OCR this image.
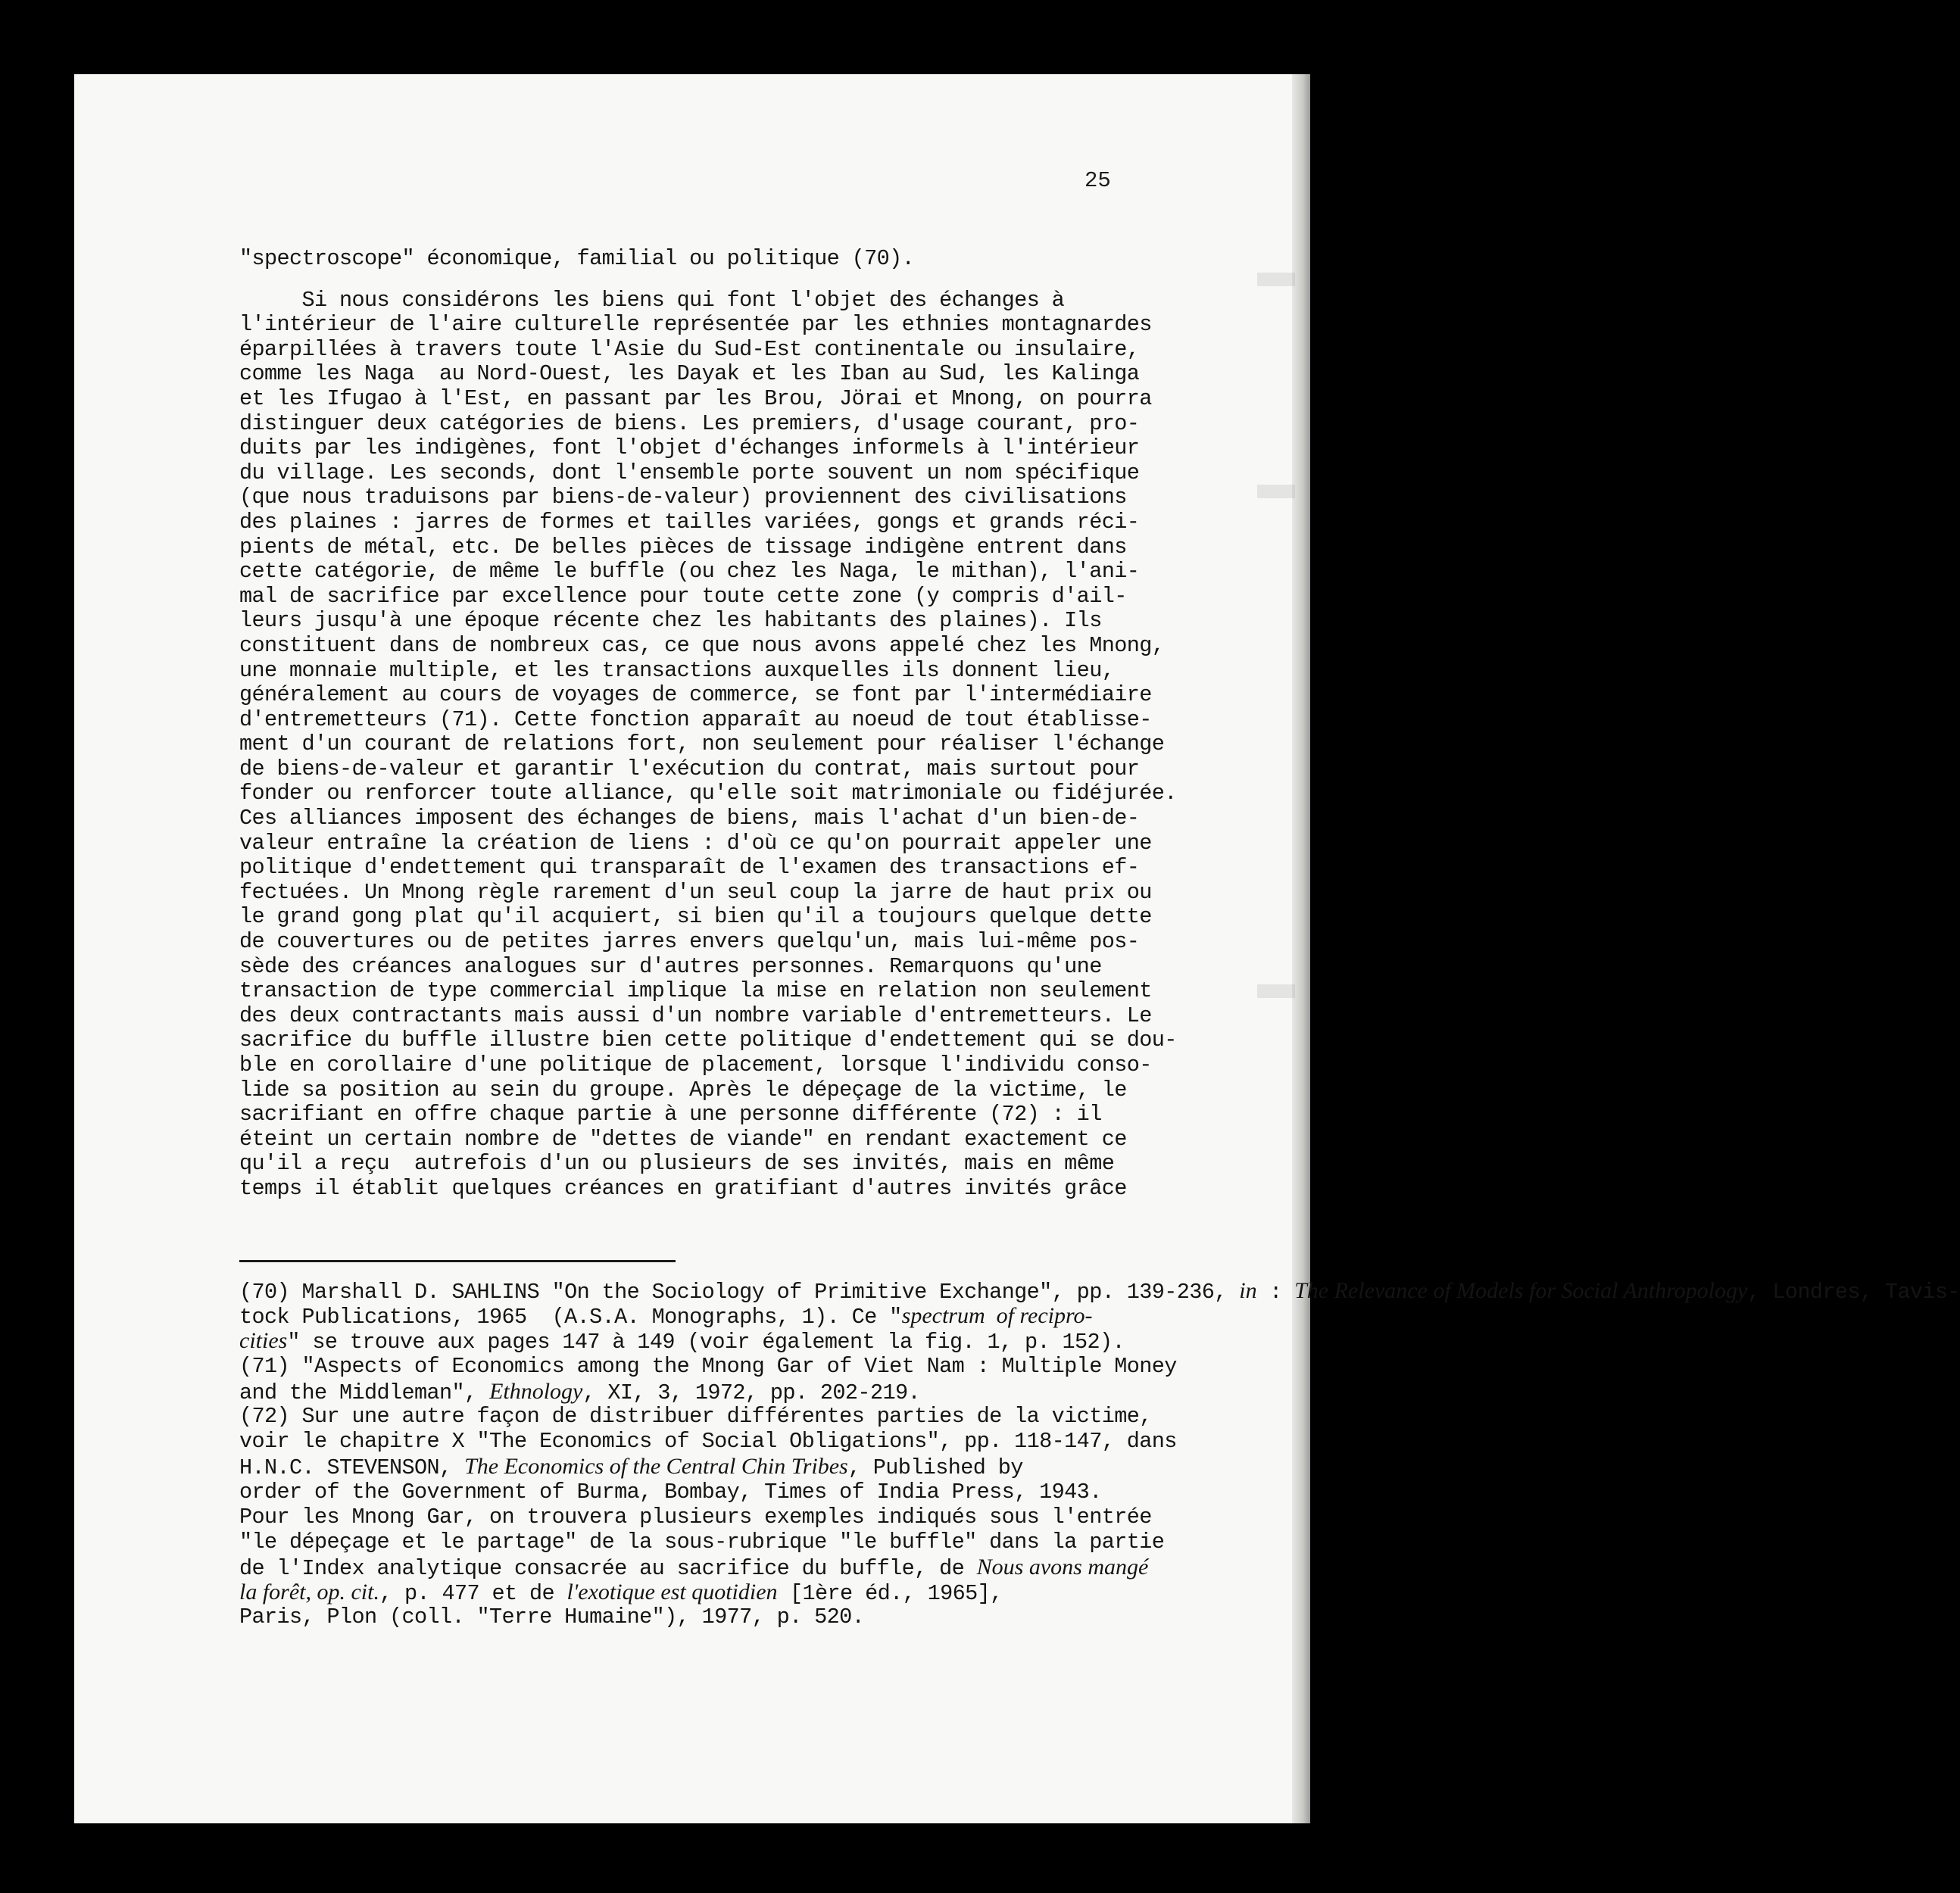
25
"spectroscope" économique, familial ou politique (70).
Si nous considérons les biens qui font l'objet des échanges à
l'intérieur de l'aire culturelle représentée par les ethnies montagnardes
éparpillées à travers toute l'Asie du Sud-Est continentale ou insulaire,
comme les Naga  au Nord-Ouest, les Dayak et les Iban au Sud, les Kalinga
et les Ifugao à l'Est, en passant par les Brou, Jörai et Mnong, on pourra
distinguer deux catégories de biens. Les premiers, d'usage courant, pro-
duits par les indigènes, font l'objet d'échanges informels à l'intérieur
du village. Les seconds, dont l'ensemble porte souvent un nom spécifique
(que nous traduisons par biens-de-valeur) proviennent des civilisations
des plaines : jarres de formes et tailles variées, gongs et grands réci-
pients de métal, etc. De belles pièces de tissage indigène entrent dans
cette catégorie, de même le buffle (ou chez les Naga, le mithan), l'ani-
mal de sacrifice par excellence pour toute cette zone (y compris d'ail-
leurs jusqu'à une époque récente chez les habitants des plaines). Ils
constituent dans de nombreux cas, ce que nous avons appelé chez les Mnong,
une monnaie multiple, et les transactions auxquelles ils donnent lieu,
généralement au cours de voyages de commerce, se font par l'intermédiaire
d'entremetteurs (71). Cette fonction apparaît au noeud de tout établisse-
ment d'un courant de relations fort, non seulement pour réaliser l'échange
de biens-de-valeur et garantir l'exécution du contrat, mais surtout pour
fonder ou renforcer toute alliance, qu'elle soit matrimoniale ou fidéjurée.
Ces alliances imposent des échanges de biens, mais l'achat d'un bien-de-
valeur entraîne la création de liens : d'où ce qu'on pourrait appeler une
politique d'endettement qui transparaît de l'examen des transactions ef-
fectuées. Un Mnong règle rarement d'un seul coup la jarre de haut prix ou
le grand gong plat qu'il acquiert, si bien qu'il a toujours quelque dette
de couvertures ou de petites jarres envers quelqu'un, mais lui-même pos-
sède des créances analogues sur d'autres personnes. Remarquons qu'une
transaction de type commercial implique la mise en relation non seulement
des deux contractants mais aussi d'un nombre variable d'entremetteurs. Le
sacrifice du buffle illustre bien cette politique d'endettement qui se dou-
ble en corollaire d'une politique de placement, lorsque l'individu conso-
lide sa position au sein du groupe. Après le dépeçage de la victime, le
sacrifiant en offre chaque partie à une personne différente (72) : il
éteint un certain nombre de "dettes de viande" en rendant exactement ce
qu'il a reçu  autrefois d'un ou plusieurs de ses invités, mais en même
temps il établit quelques créances en gratifiant d'autres invités grâce
(70) Marshall D. SAHLINS "On the Sociology of Primitive Exchange", pp. 139-236, in : The Relevance of Models for Social Anthropology, Londres, Tavis-
tock Publications, 1965  (A.S.A. Monographs, 1). Ce "spectrum  of recipro-
cities" se trouve aux pages 147 à 149 (voir également la fig. 1, p. 152).
(71) "Aspects of Economics among the Mnong Gar of Viet Nam : Multiple Money
and the Middleman", Ethnology, XI, 3, 1972, pp. 202-219.
(72) Sur une autre façon de distribuer différentes parties de la victime,
voir le chapitre X "The Economics of Social Obligations", pp. 118-147, dans
H.N.C. STEVENSON, The Economics of the Central Chin Tribes, Published by
order of the Government of Burma, Bombay, Times of India Press, 1943.
Pour les Mnong Gar, on trouvera plusieurs exemples indiqués sous l'entrée
"le dépeçage et le partage" de la sous-rubrique "le buffle" dans la partie
de l'Index analytique consacrée au sacrifice du buffle, de Nous avons mangé
la forêt, op. cit., p. 477 et de l'exotique est quotidien [1ère éd., 1965],
Paris, Plon (coll. "Terre Humaine"), 1977, p. 520.
